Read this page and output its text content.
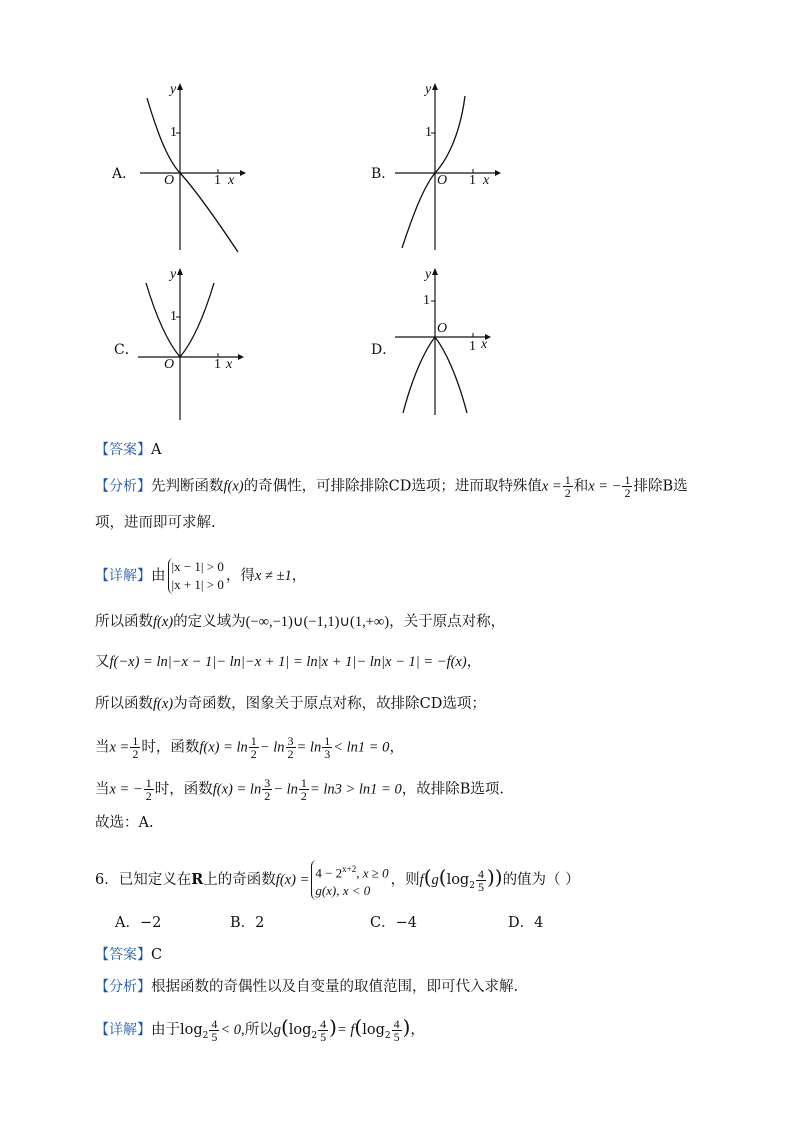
A．
y
1
O	1 x	B．
y
1
O 1 x
C．
y
1
O	1 x
D．
y
1
O
1 x
【答案】A
【分析】先判断函数f(x)的奇偶性，可排除排除CD选项；进而取特殊值$x = \frac{1}{2}$ 和x = − $\frac{1}{2}$ 排除B选
项，进而即可求解.
【详解】由
|x − 1| > 0
|x + 1| > 0
，得x ≠ ±1，
所以函数f(x)的定义域为(−∞,−1)∪(−1,1)∪(1,+∞)，关于原点对称，
又f(−x) = ln|−x − 1|− ln|−x + 1| = ln|x + 1|− ln|x − 1| = −f(x)，
所以函数f(x)为奇函数，图象关于原点对称，故排除CD选项；
当$x = \frac{1}{2}$ 时，函数$f(x) = \ln \frac{1}{2} - \ln \frac{3}{2} = \ln \frac{1}{3} < \ln 1 = 0$，
当x = − $\frac{1}{2}$ 时，函数$f(x) = \ln \frac{3}{2} - \ln \frac{1}{2} = \ln 3 > \ln 1 = 0$，故排除B选项.
故选：A.
6．已知定义在R上的奇函数$f(x) = 4 - 2^{x+2}$, x ≥ 0
g(x), x < 0
，则$f(g(\log_2 \frac{4}{5}$ ))的值为（ ）
A．−2	B．2	C．−4	D．4
【答案】C
【分析】根据函数的奇偶性以及自变量的取值范围，即可代入求解.
【详解】由于$\log_2 \frac{4}{5} < 0$,所以$g(\log_2 \frac{4}{5}$ )= $f(\log_2 \frac{4}{5}$ )，
